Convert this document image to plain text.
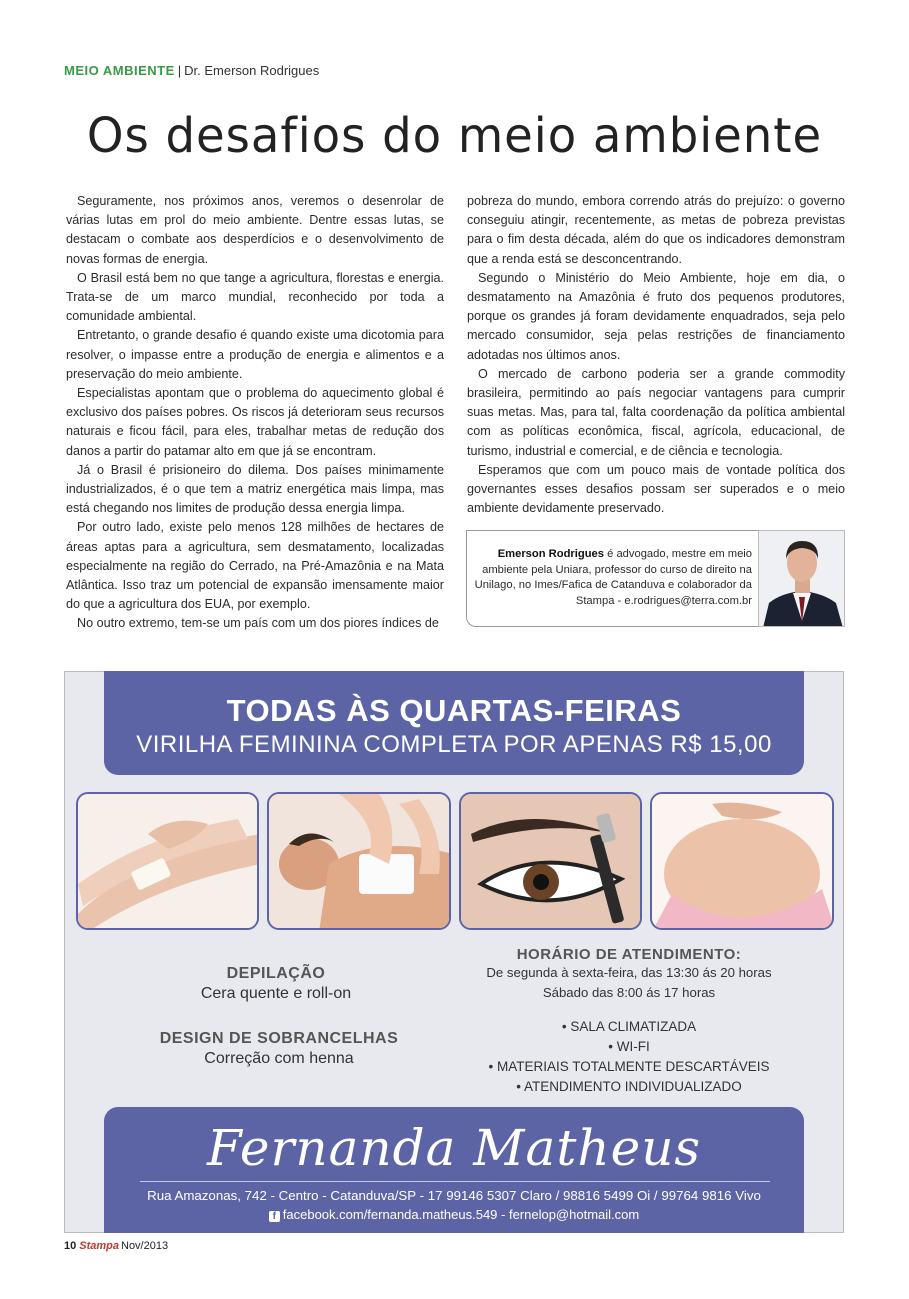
MEIO AMBIENTE | Dr. Emerson Rodrigues
Os desafios do meio ambiente

Seguramente, nos próximos anos, veremos o desenrolar de várias lutas em prol do meio ambiente. Dentre essas lutas, se destacam o combate aos desperdícios e o desenvolvimento de novas formas de energia.

O Brasil está bem no que tange a agricultura, florestas e energia. Trata-se de um marco mundial, reconhecido por toda a comunidade ambiental.

Entretanto, o grande desafio é quando existe uma dicotomia para resolver, o impasse entre a produção de energia e alimentos e a preservação do meio ambiente.

Especialistas apontam que o problema do aquecimento global é exclusivo dos países pobres. Os riscos já deterioram seus recursos naturais e ficou fácil, para eles, trabalhar metas de redução dos danos a partir do patamar alto em que já se encontram.

Já o Brasil é prisioneiro do dilema. Dos países minimamente industrializados, é o que tem a matriz energética mais limpa, mas está chegando nos limites de produção dessa energia limpa.

Por outro lado, existe pelo menos 128 milhões de hectares de áreas aptas para a agricultura, sem desmatamento, localizadas especialmente na região do Cerrado, na Pré-Amazônia e na Mata Atlântica. Isso traz um potencial de expansão imensamente maior do que a agricultura dos EUA, por exemplo.

No outro extremo, tem-se um país com um dos piores índices de

pobreza do mundo, embora correndo atrás do prejuízo: o governo conseguiu atingir, recentemente, as metas de pobreza previstas para o fim desta década, além do que os indicadores demonstram que a renda está se desconcentrando.

Segundo o Ministério do Meio Ambiente, hoje em dia, o desmatamento na Amazônia é fruto dos pequenos produtores, porque os grandes já foram devidamente enquadrados, seja pelo mercado consumidor, seja pelas restrições de financiamento adotadas nos últimos anos.

O mercado de carbono poderia ser a grande commodity brasileira, permitindo ao país negociar vantagens para cumprir suas metas. Mas, para tal, falta coordenação da política ambiental com as políticas econômica, fiscal, agrícola, educacional, de turismo, industrial e comercial, e de ciência e tecnologia.

Esperamos que com um pouco mais de vontade política dos governantes esses desafios possam ser superados e o meio ambiente devidamente preservado.

Emerson Rodrigues é advogado, mestre em meio ambiente pela Uniara, professor do curso de direito na Unilago, no Imes/Fafica de Catanduva e colaborador da Stampa - e.rodrigues@terra.com.br
TODAS ÀS QUARTAS-FEIRAS
VIRILHA FEMININA COMPLETA POR APENAS R$ 15,00
DEPILAÇÃO
Cera quente e roll-on
DESIGN DE SOBRANCELHAS
Correção com henna
HORÁRIO DE ATENDIMENTO:
De segunda à sexta-feira, das 13:30 ás 20 horas
Sábado das 8:00 ás 17 horas
• SALA CLIMATIZADA
• WI-FI
• MATERIAIS TOTALMENTE DESCARTÁVEIS
• ATENDIMENTO INDIVIDUALIZADO
Fernanda Matheus
Rua Amazonas, 742 - Centro - Catanduva/SP - 17 99146 5307 Claro / 98816 5499 Oi / 99764 9816 Vivo
f facebook.com/fernanda.matheus.549 - fernelop@hotmail.com
10 Stampa Nov/2013
